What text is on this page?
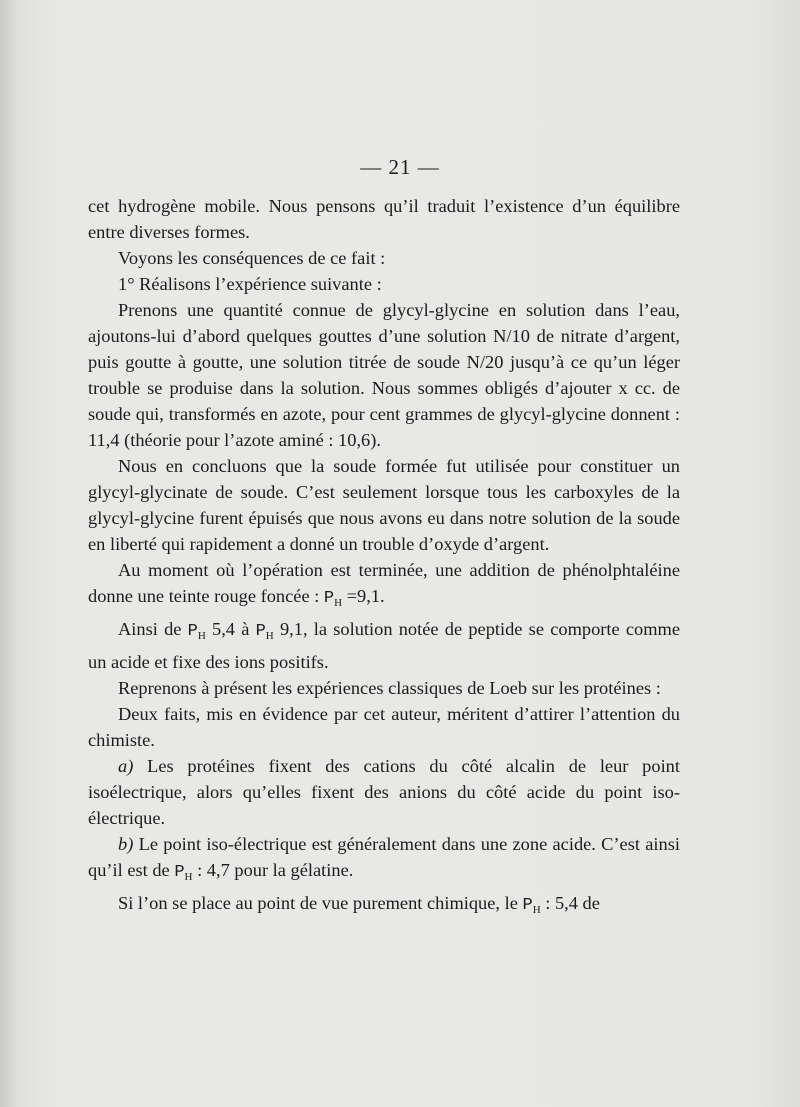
— 21 —

cet hydrogène mobile. Nous pensons qu’il traduit l’existence d’un équilibre entre diverses formes.

Voyons les conséquences de ce fait :

1° Réalisons l’expérience suivante :

Prenons une quantité connue de glycyl-glycine en solution dans l’eau, ajoutons-lui d’abord quelques gouttes d’une solution N/10 de nitrate d’argent, puis goutte à goutte, une solution titrée de soude N/20 jusqu’à ce qu’un léger trouble se produise dans la solution. Nous sommes obligés d’ajouter x cc. de soude qui, transformés en azote, pour cent grammes de glycyl-glycine donnent : 11,4 (théorie pour l’azote aminé : 10,6).

Nous en concluons que la soude formée fut utilisée pour constituer un glycyl-glycinate de soude. C’est seulement lorsque tous les carboxyles de la glycyl-glycine furent épuisés que nous avons eu dans notre solution de la soude en liberté qui rapidement a donné un trouble d’oxyde d’argent.

Au moment où l’opération est terminée, une addition de phénolphtaléine donne une teinte rouge foncée : $P_H =9,1$.

Ainsi de $P_H$ 5,4 à $P_H$ 9,1, la solution notée de peptide se comporte comme un acide et fixe des ions positifs.

Reprenons à présent les expériences classiques de Loeb sur les protéines :

Deux faits, mis en évidence par cet auteur, méritent d’attirer l’attention du chimiste.

a) Les protéines fixent des cations du côté alcalin de leur point isoélectrique, alors qu’elles fixent des anions du côté acide du point iso-électrique.

b) Le point iso-électrique est généralement dans une zone acide. C’est ainsi qu’il est de $P_H$ : 4,7 pour la gélatine.

Si l’on se place au point de vue purement chimique, le $P_H$ : 5,4 de
